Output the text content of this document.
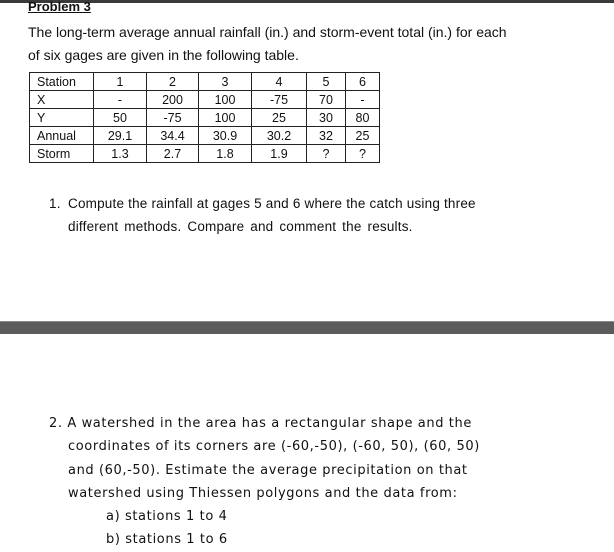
Problem 3
The long-term average annual rainfall (in.) and storm-event total (in.) for each
of six gages are given in the following table.
Station	1	2	3	4	5	6
X	-	200	100	-75	70	-
Y	50	-75	100	25	30	80
Annual	29.1	34.4	30.9	30.2	32	25
Storm	1.3	2.7	1.8	1.9	?	?
1. Compute the rainfall at gages 5 and 6 where the catch using three
different methods. Compare and comment the results.
2. A watershed in the area has a rectangular shape and the
coordinates of its corners are (-60,-50), (-60, 50), (60, 50)
and (60,-50). Estimate the average precipitation on that
watershed using Thiessen polygons and the data from:
a) stations 1 to 4
b) stations 1 to 6
